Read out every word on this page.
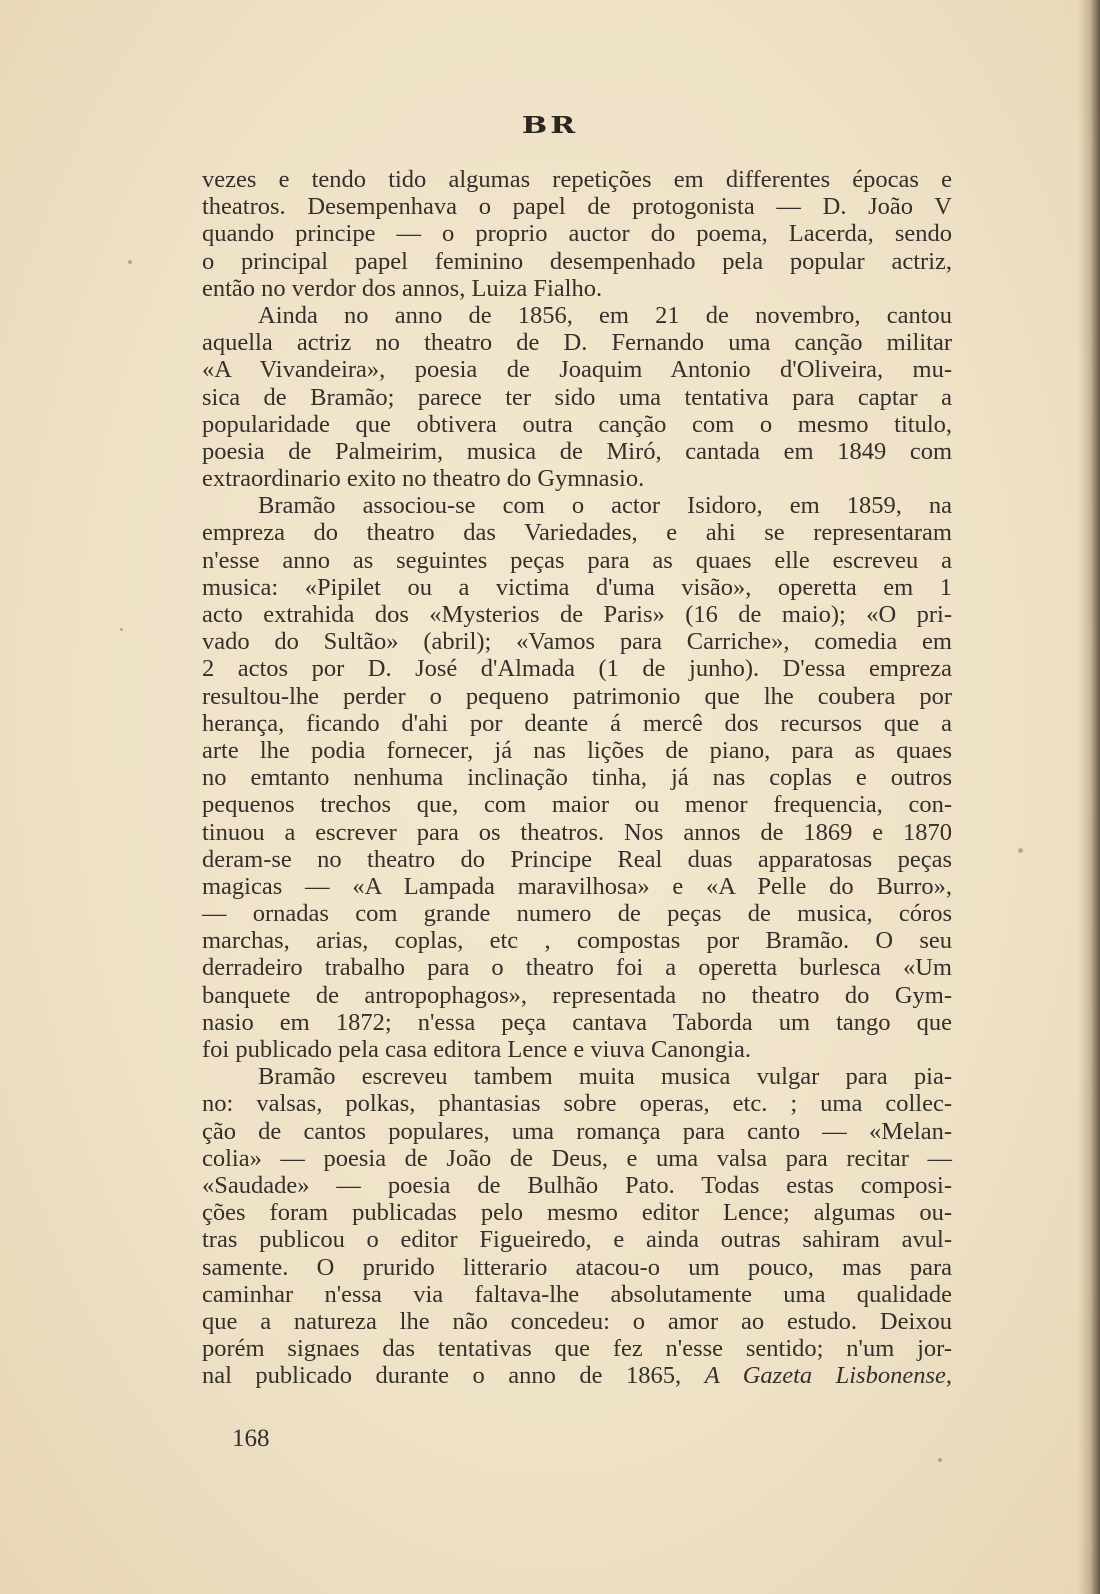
BR
vezes e tendo tido algumas repetições em differentes épocas e
theatros. Desempenhava o papel de protogonista — D. João V
quando principe — o proprio auctor do poema, Lacerda, sendo
o principal papel feminino desempenhado pela popular actriz,
então no verdor dos annos, Luiza Fialho.
Ainda no anno de 1856, em 21 de novembro, cantou
aquella actriz no theatro de D. Fernando uma canção militar
«A Vivandeira», poesia de Joaquim Antonio d'Oliveira, mu-
sica de Bramão; parece ter sido uma tentativa para captar a
popularidade que obtivera outra canção com o mesmo titulo,
poesia de Palmeirim, musica de Miró, cantada em 1849 com
extraordinario exito no theatro do Gymnasio.
Bramão associou-se com o actor Isidoro, em 1859, na
empreza do theatro das Variedades, e ahi se representaram
n'esse anno as seguintes peças para as quaes elle escreveu a
musica: «Pipilet ou a victima d'uma visão», operetta em 1
acto extrahida dos «Mysterios de Paris» (16 de maio); «O pri-
vado do Sultão» (abril); «Vamos para Carriche», comedia em
2 actos por D. José d'Almada (1 de junho). D'essa empreza
resultou-lhe perder o pequeno patrimonio que lhe coubera por
herança, ficando d'ahi por deante á mercê dos recursos que a
arte lhe podia fornecer, já nas lições de piano, para as quaes
no emtanto nenhuma inclinação tinha, já nas coplas e outros
pequenos trechos que, com maior ou menor frequencia, con-
tinuou a escrever para os theatros. Nos annos de 1869 e 1870
deram-se no theatro do Principe Real duas apparatosas peças
magicas — «A Lampada maravilhosa» e «A Pelle do Burro»,
— ornadas com grande numero de peças de musica, córos
marchas, arias, coplas, etc , compostas por Bramão. O seu
derradeiro trabalho para o theatro foi a operetta burlesca «Um
banquete de antropophagos», representada no theatro do Gym-
nasio em 1872; n'essa peça cantava Taborda um tango que
foi publicado pela casa editora Lence e viuva Canongia.
Bramão escreveu tambem muita musica vulgar para pia-
no: valsas, polkas, phantasias sobre operas, etc. ; uma collec-
ção de cantos populares, uma romança para canto — «Melan-
colia» — poesia de João de Deus, e uma valsa para recitar —
«Saudade» — poesia de Bulhão Pato. Todas estas composi-
ções foram publicadas pelo mesmo editor Lence; algumas ou-
tras publicou o editor Figueiredo, e ainda outras sahiram avul-
samente. O prurido litterario atacou-o um pouco, mas para
caminhar n'essa via faltava-lhe absolutamente uma qualidade
que a natureza lhe não concedeu: o amor ao estudo. Deixou
porém signaes das tentativas que fez n'esse sentido; n'um jor-
nal publicado durante o anno de 1865, A Gazeta Lisbonense,
168
